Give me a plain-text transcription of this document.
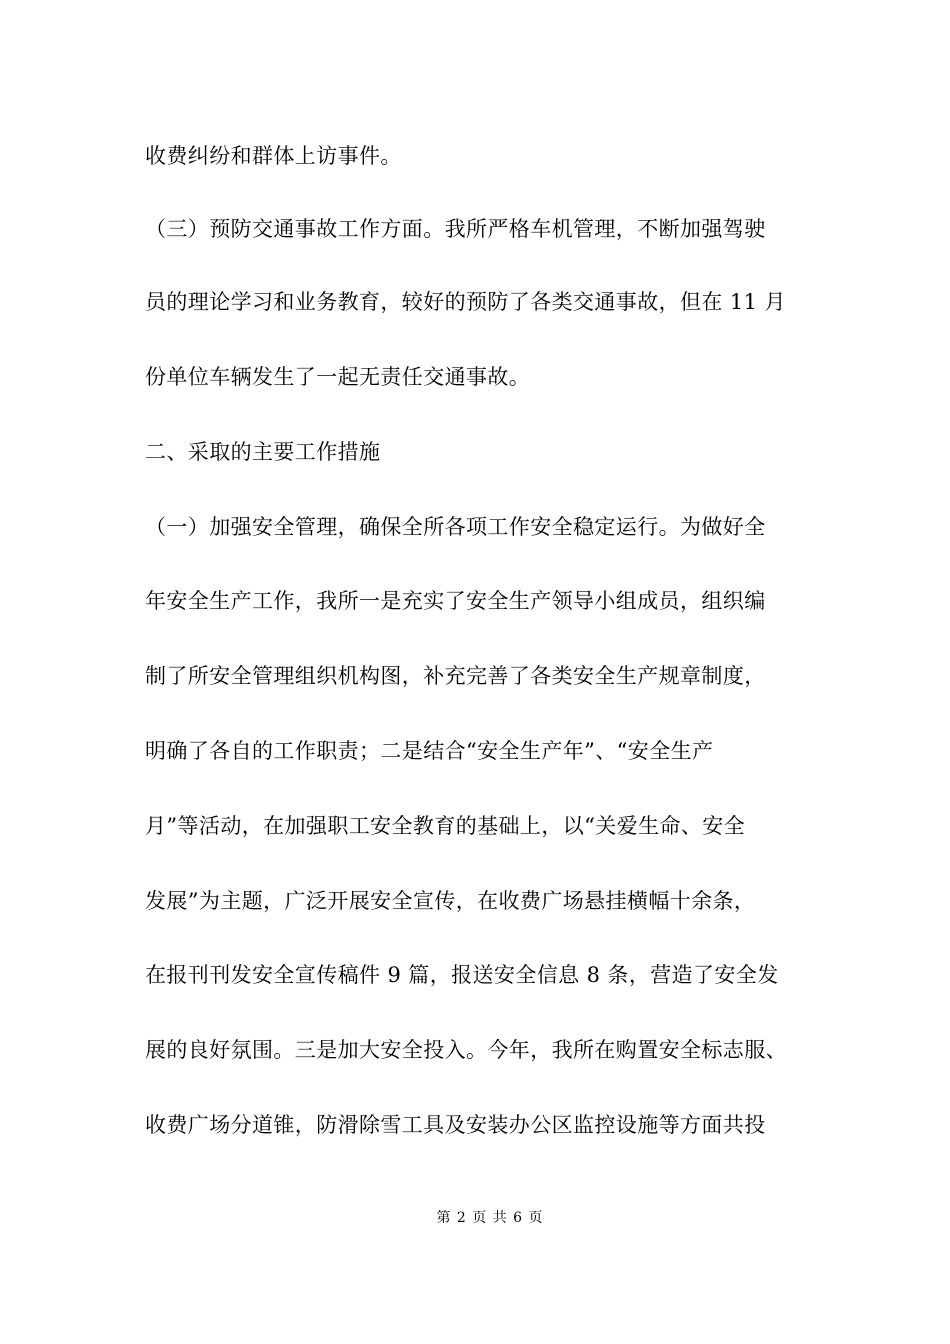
收费纠纷和群体上访事件。
（三）预防交通事故工作方面。我所严格车机管理，不断加强驾驶
员的理论学习和业务教育，较好的预防了各类交通事故，但在 11 月
份单位车辆发生了一起无责任交通事故。
二、采取的主要工作措施
（一）加强安全管理，确保全所各项工作安全稳定运行。为做好全
年安全生产工作，我所一是充实了安全生产领导小组成员，组织编
制了所安全管理组织机构图，补充完善了各类安全生产规章制度，
明确了各自的工作职责；二是结合“安全生产年”、“安全生产
月”等活动，在加强职工安全教育的基础上，以“关爱生命、安全
发展”为主题，广泛开展安全宣传，在收费广场悬挂横幅十余条，
在报刊刊发安全宣传稿件 9 篇，报送安全信息 8 条，营造了安全发
展的良好氛围。三是加大安全投入。今年，我所在购置安全标志服、
收费广场分道锥，防滑除雪工具及安装办公区监控设施等方面共投
第 2 页 共 6 页
